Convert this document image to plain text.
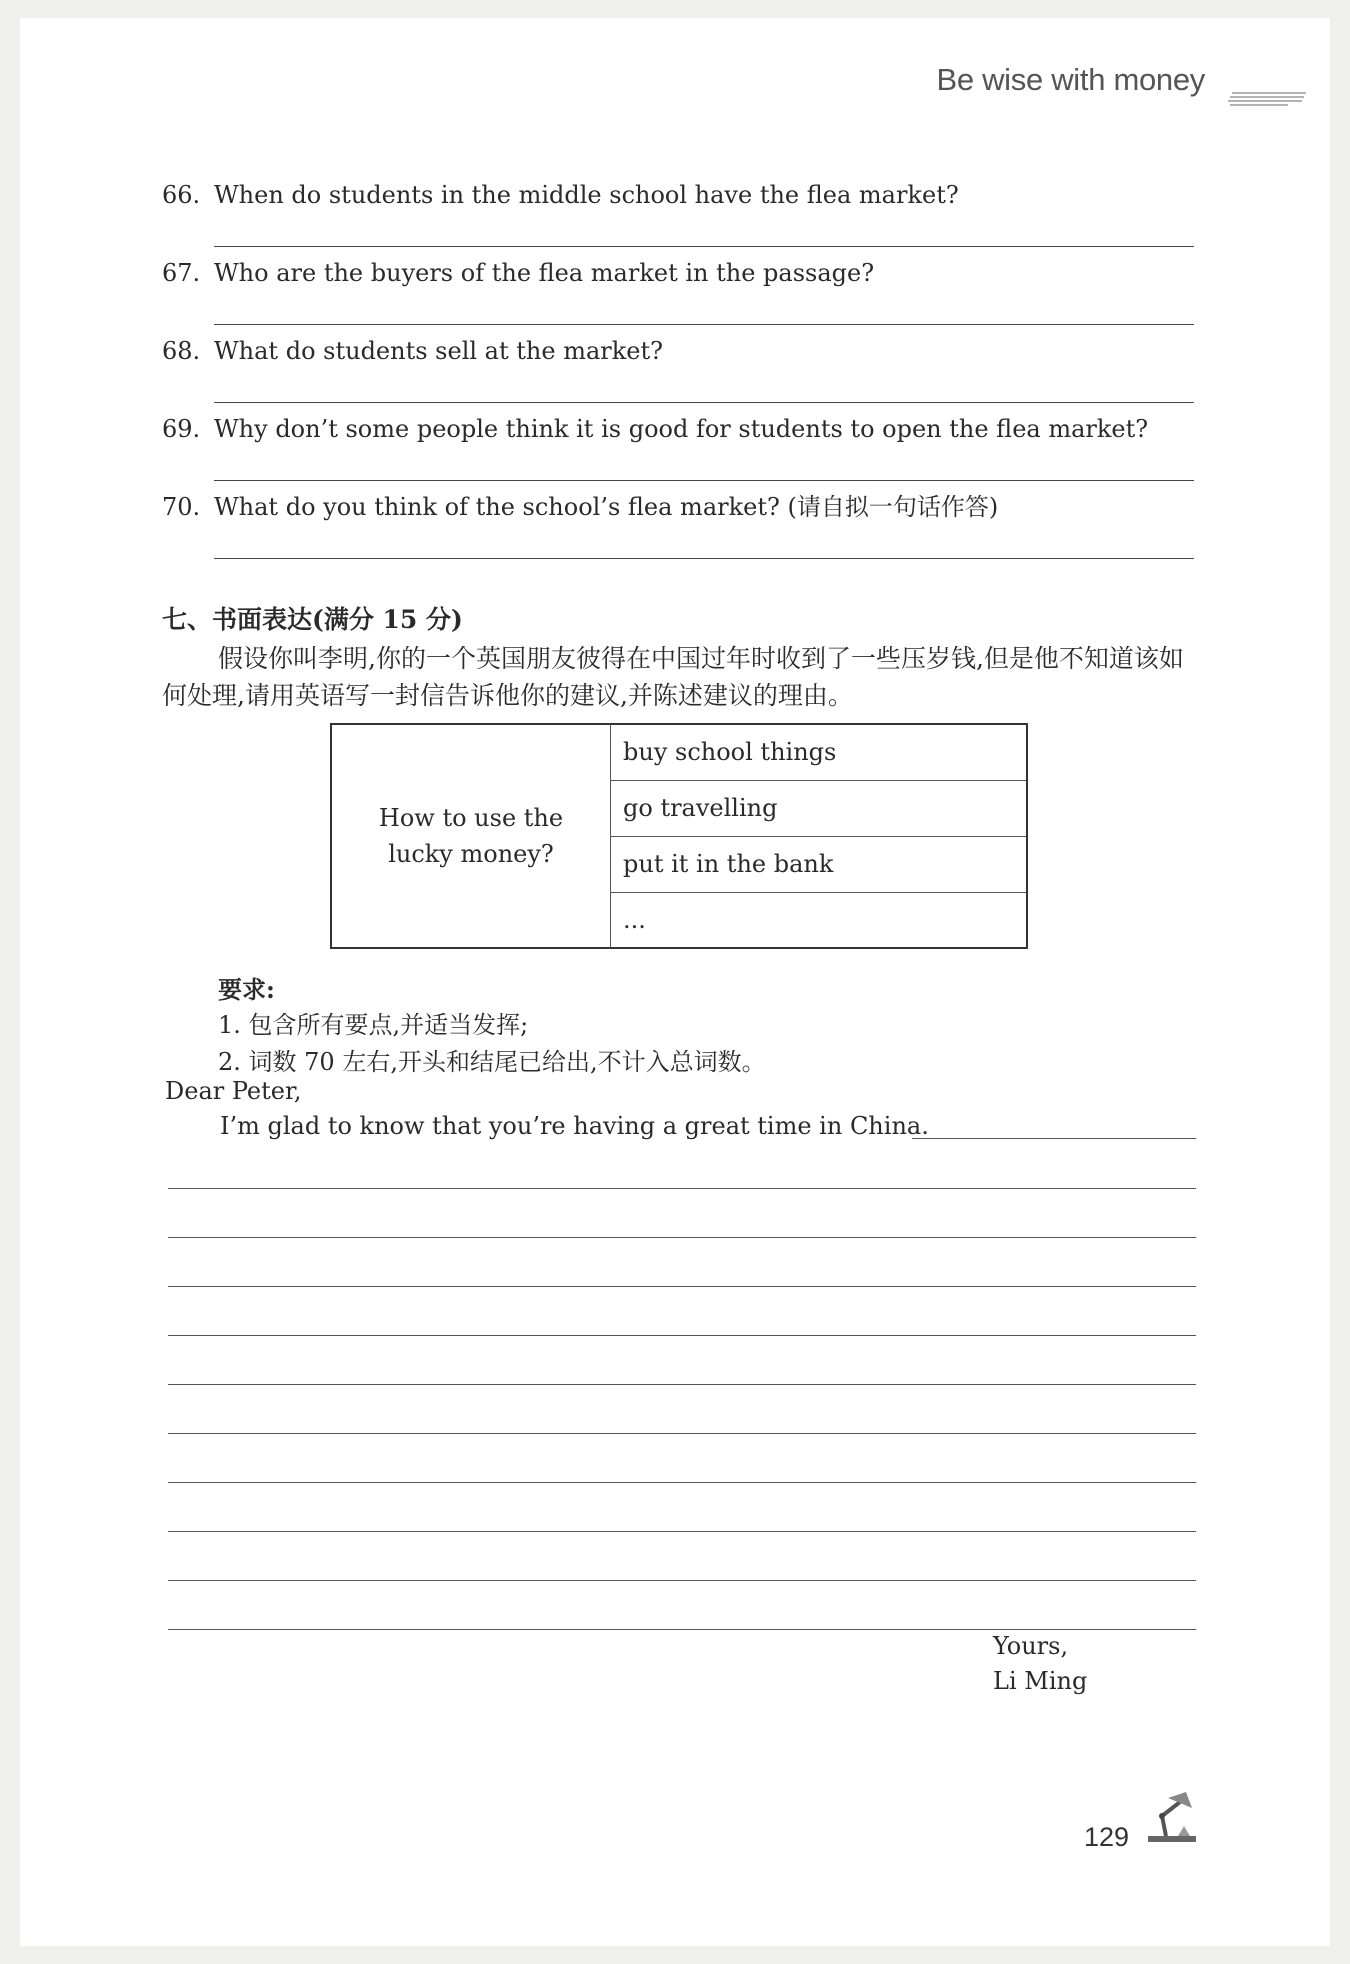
Be wise with money
66. When do students in the middle school have the flea market?
67. Who are the buyers of the flea market in the passage?
68. What do students sell at the market?
69. Why don’t some people think it is good for students to open the flea market?
70. What do you think of the school’s flea market? (请自拟一句话作答)
七、书面表达(满分 15 分)
假设你叫李明,你的一个英国朋友彼得在中国过年时收到了一些压岁钱,但是他不知道该如何处理,请用英语写一封信告诉他你的建议,并陈述建议的理由。
How to use the lucky money?	buy school things
go travelling
put it in the bank
...
要求:
1. 包含所有要点,并适当发挥;
2. 词数 70 左右,开头和结尾已给出,不计入总词数。
Dear Peter,
I’m glad to know that you’re having a great time in China.
Yours,
Li Ming
129
